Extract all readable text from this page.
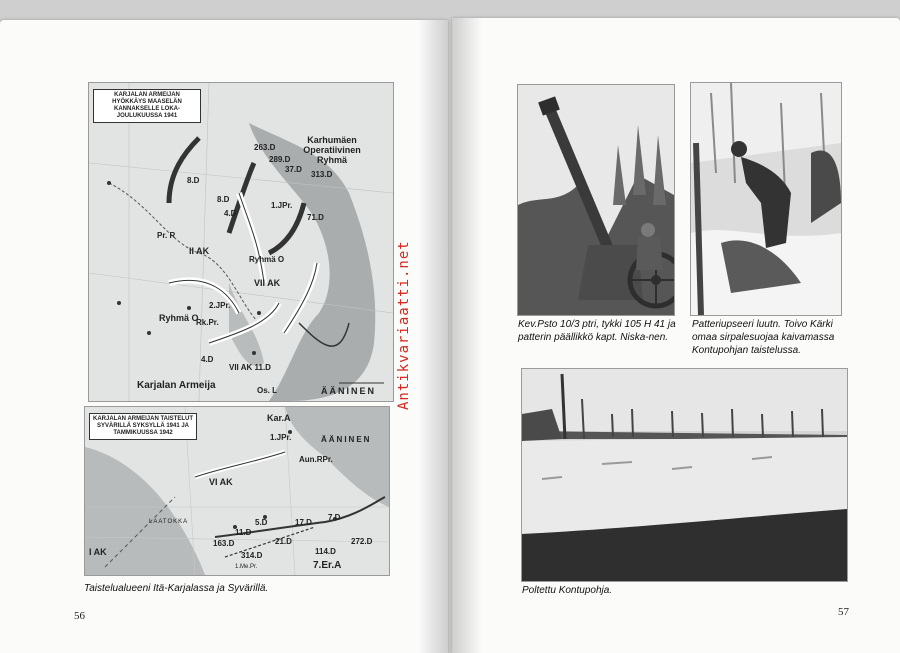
KARJALAN ARMEIJAN HYÖKKÄYS MAASELÄN KANNAKSELLE LOKA-JOULUKUUSSA 1941
Karhumäen Operatiivinen Ryhmä
263.D
289.D
37.D
313.D
8.D
8.D
4.D
1.JPr.
71.D
Pr. R
II AK
Ryhmä O
VII AK
2.JPr.
Ryhmä O
Rk.Pr.
4.D
VII AK 11.D
Os. L
Karjalan Armeija	ÄÄNINEN
KARJALAN ARMEIJAN TAISTELUT SYVÄRILLÄ SYKSYLLÄ 1941 JA TAMMIKUUSSA 1942
Kar.A
1.JPr.	ÄÄNINEN
Aun.RPr.
VI AK
5.D	17.D
7.D
11.D
163.D	21.D	272.D
314.D	114.D
I AK
LAATOKKA
1.Me.Pr.	7.Er.A
Taistelualueeni Itä-Karjalassa ja Syvärillä.
56
Antikvariaatti.net	Kev.Psto 10/3 ptri, tykki 105 H 41 ja patterin päällikkö kapt. Niska-nen.
Patteriupseeri luutn. Toivo Kärki omaa sirpalesuojaa kaivamassa Kontupohjan taistelussa.
Poltettu Kontupohja.
57
